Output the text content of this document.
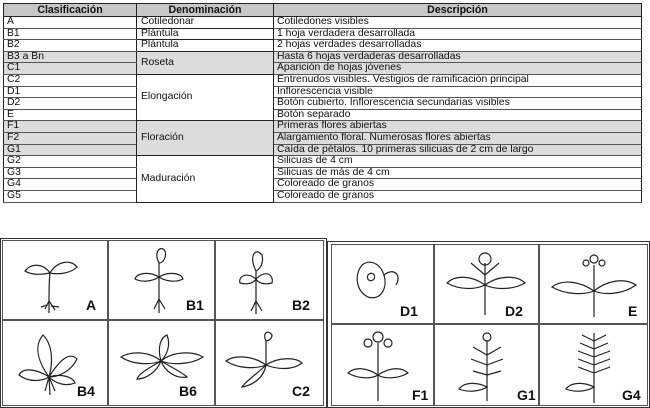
Clasificación	Denominación	Descripción
A	Cotiledonar	Cotiledones visibles
B1	Plántula	1 hoja verdadera desarrollada
B2	Plántula	2 hojas verdades desarrolladas
B3 a Bn	Roseta	Hasta 6 hojas verdaderas desarrolladas
C1		Aparición de hojas jóvenes
C2	Elongación	Entrenudos visibles. Vestigios de ramificación principal
D1		Inflorescencia visible
D2		Botón cubierto. Inflorescencia secundarias visibles
E		Botón separado
F1	Floración	Primeras flores abiertas
F2		Alargamiento floral. Numerosas flores abiertas
G1		Caída de pétalos. 10 primeras silicuas de 2 cm de largo
G2	Maduración	Silicuas de 4 cm
G3		Silicuas de más de 4 cm
G4		Coloreado de granos
G5		Coloreado de granos
A	B1	B2
B4	B6	C2
D1	D2	E
F1	G1	G4
